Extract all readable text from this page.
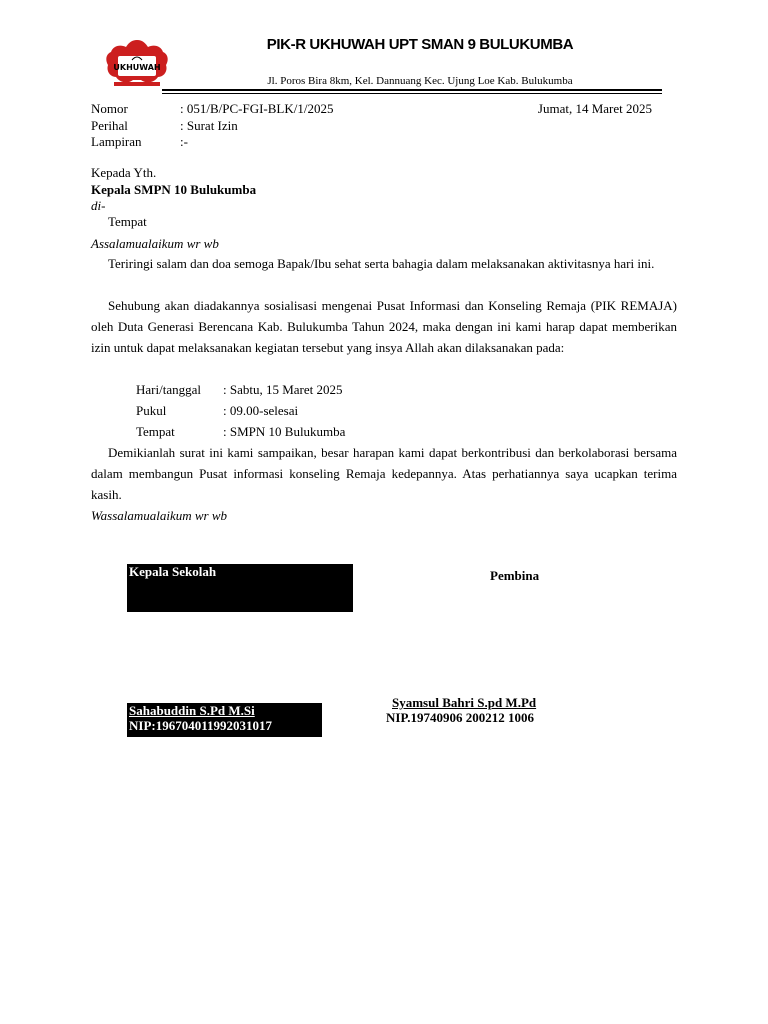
UKHUWAH
PIK-R UKHUWAH UPT SMAN 9 BULUKUMBA
Jl. Poros Bira 8km, Kel. Dannuang Kec. Ujung Loe Kab. Bulukumba
Nomor	: 051/B/PC-FGI-BLK/1/2025	Jumat, 14 Maret 2025
Perihal	: Surat Izin
Lampiran	:-
Kepada Yth.
Kepala SMPN 10 Bulukumba
di-
Tempat
Assalamualaikum wr wb

Teriringi salam dan doa semoga Bapak/Ibu sehat serta bahagia dalam melaksanakan aktivitasnya hari ini.

Sehubung akan diadakannya sosialisasi mengenai Pusat Informasi dan Konseling Remaja (PIK REMAJA) oleh Duta Generasi Berencana Kab. Bulukumba Tahun 2024, maka dengan ini kami harap dapat memberikan izin untuk dapat melaksanakan kegiatan tersebut yang insya Allah akan dilaksanakan pada:

Hari/tanggal : Sabtu, 15 Maret 2025
Pukul	: 09.00-selesai
Tempat	: SMPN 10 Bulukumba

Demikianlah surat ini kami sampaikan, besar harapan kami dapat berkontribusi dan berkolaborasi bersama dalam membangun Pusat informasi konseling Remaja kedepannya. Atas perhatiannya saya ucapkan terima kasih.

Wassalamualaikum wr wb
Kepala Sekolah
Sahabuddin S.Pd M.Si
NIP:196704011992031017
Pembina
Syamsul Bahri S.pd M.Pd
NIP.19740906 200212 1006
